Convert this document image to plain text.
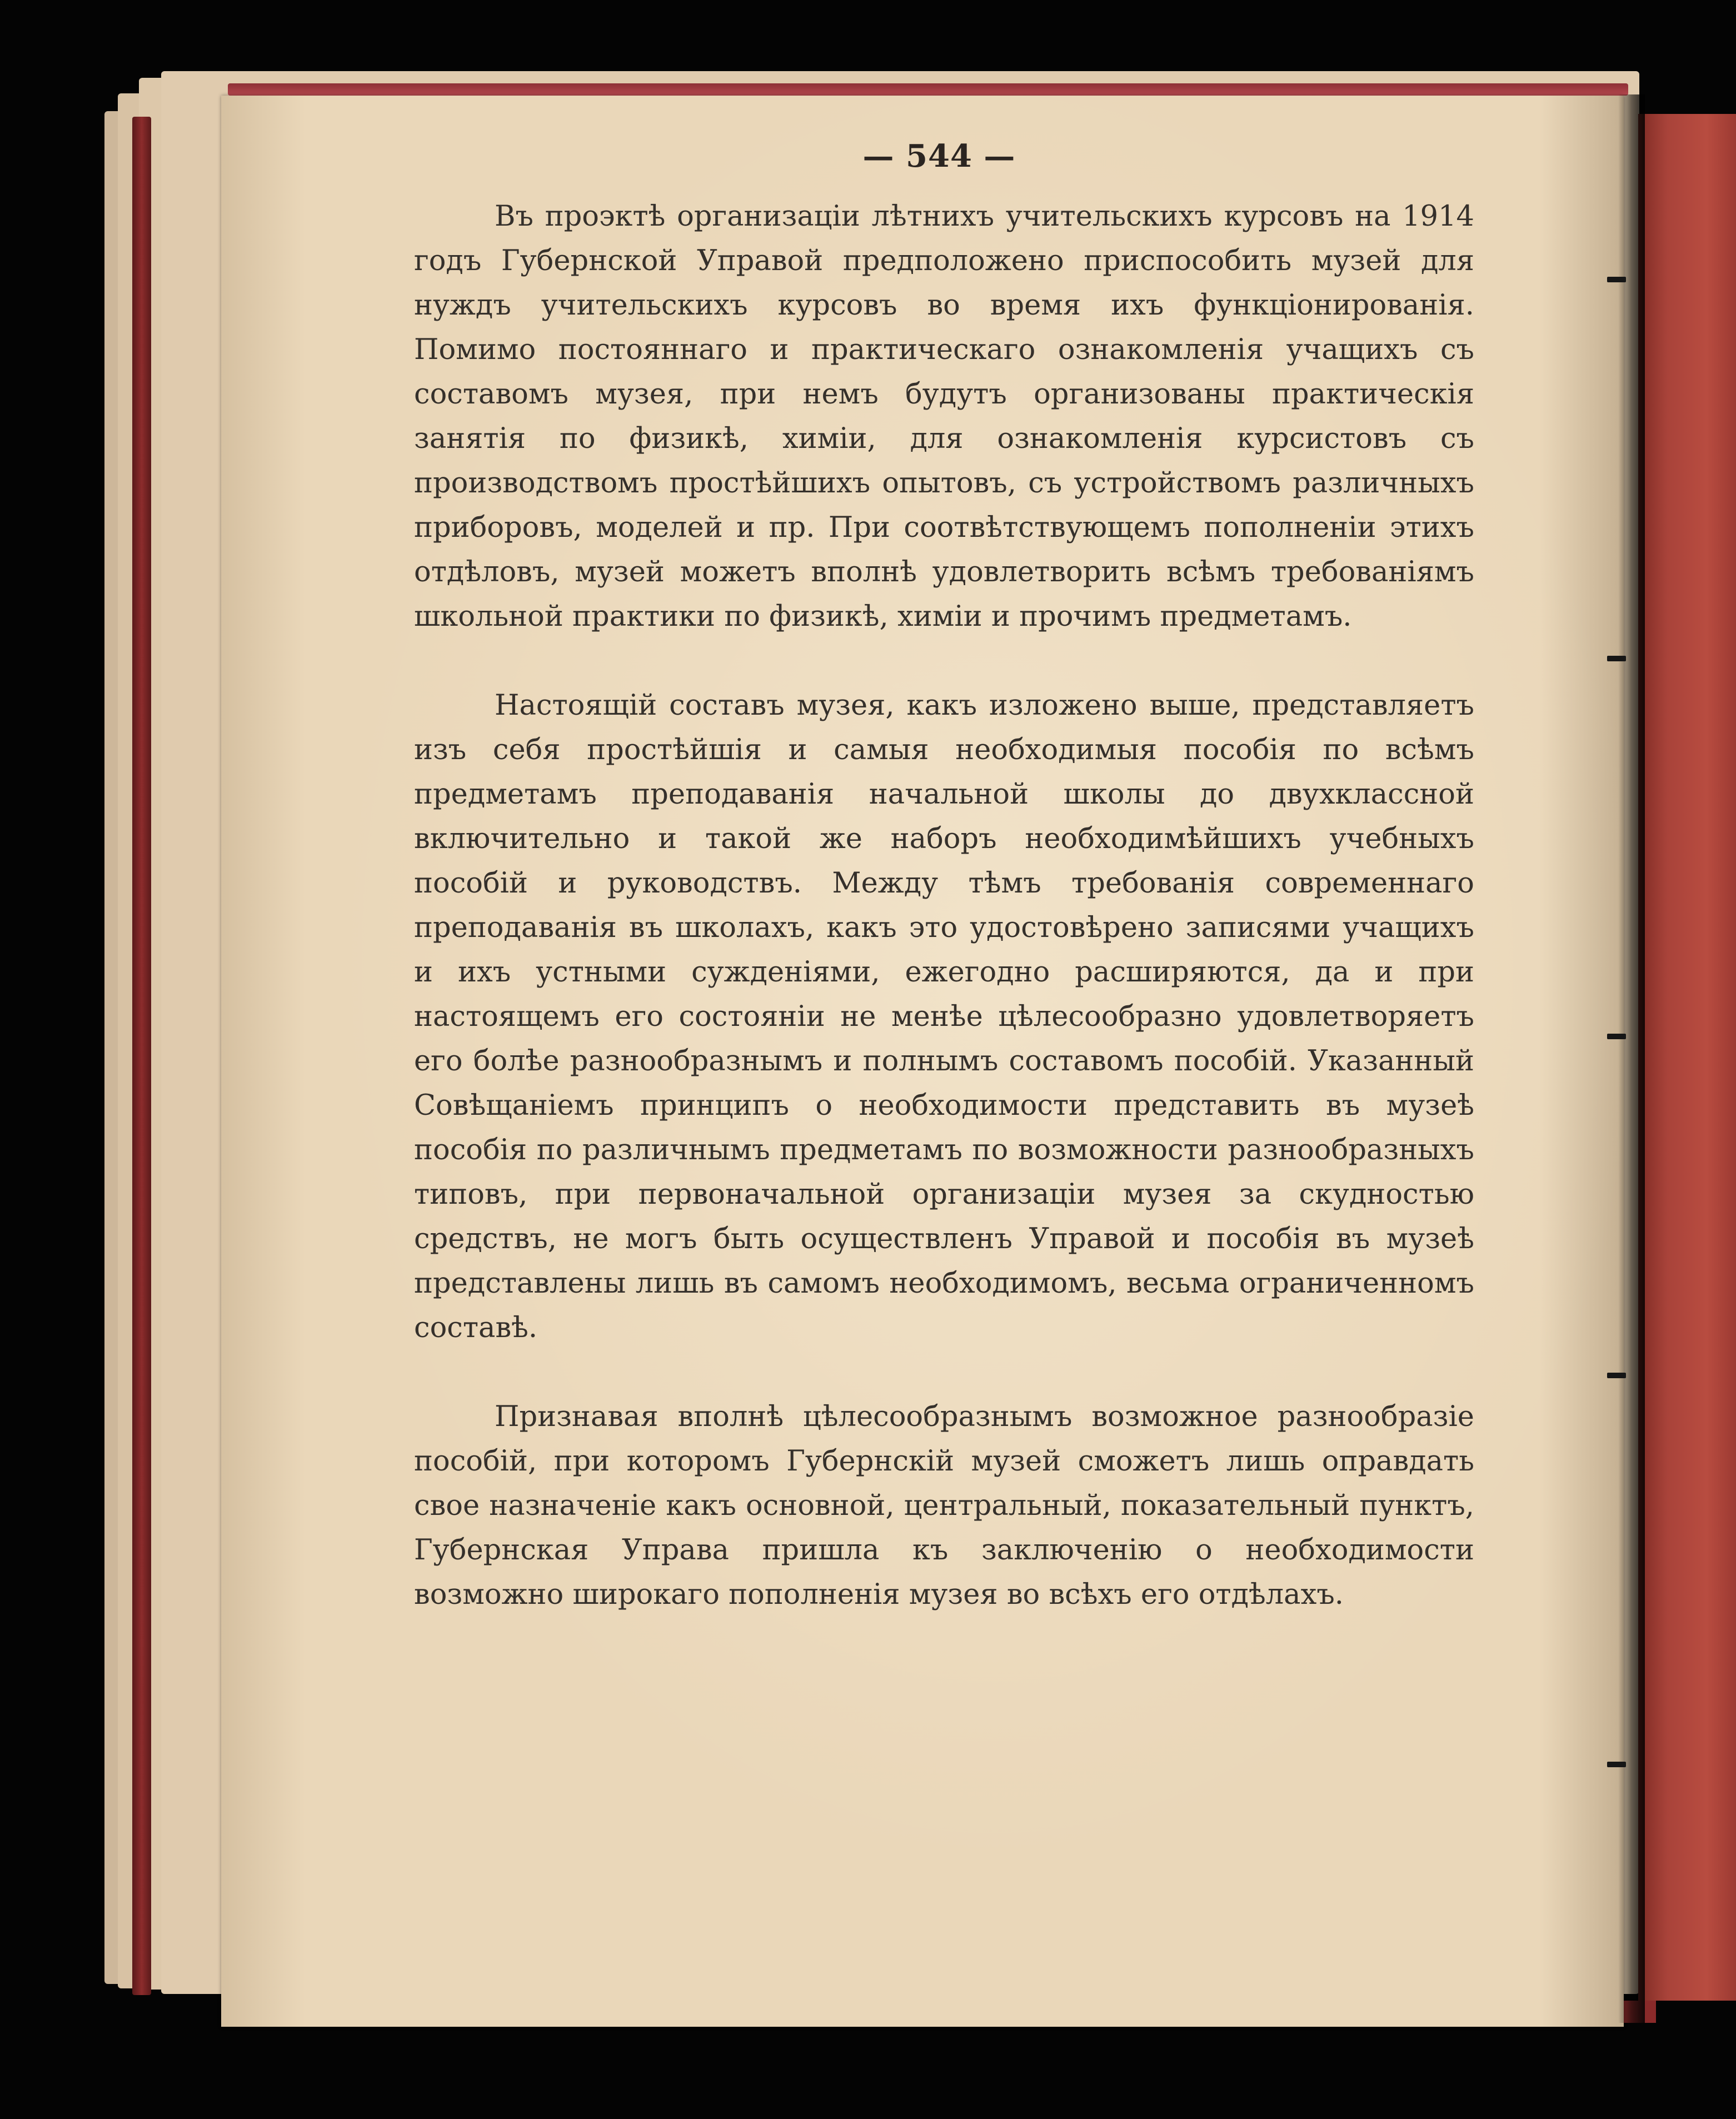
— 544 —

Въ проэктѣ организаціи лѣтнихъ учительскихъ курсовъ на 1914 годъ Губернской Управой предположено приспособить музей для нуждъ учительскихъ курсовъ во время ихъ функціонированія. Помимо постояннаго и практическаго ознакомленія учащихъ съ составомъ музея, при немъ будутъ организованы практическія занятія по физикѣ, химіи, для ознакомленія курсистовъ съ производствомъ простѣйшихъ опытовъ, съ устройствомъ различныхъ приборовъ, моделей и пр. При соотвѣтствующемъ пополненіи этихъ отдѣловъ, музей можетъ вполнѣ удовлетворить всѣмъ требованіямъ школьной практики по физикѣ, химіи и прочимъ предметамъ.

Настоящій составъ музея, какъ изложено выше, представляетъ изъ себя простѣйшія и самыя необходимыя пособія по всѣмъ предметамъ преподаванія начальной школы до двухклассной включительно и такой же наборъ необходимѣйшихъ учебныхъ пособій и руководствъ. Между тѣмъ требованія современнаго преподаванія въ школахъ, какъ это удостовѣрено записями учащихъ и ихъ устными сужденіями, ежегодно расширяются, да и при настоящемъ его состояніи не менѣе цѣлесообразно удовлетворяетъ его болѣе разнообразнымъ и полнымъ составомъ пособій. Указанный Совѣщаніемъ принципъ о необходимости представить въ музеѣ пособія по различнымъ предметамъ по возможности разнообразныхъ типовъ, при первоначальной организаціи музея за скудностью средствъ, не могъ быть осуществленъ Управой и пособія въ музеѣ представлены лишь въ самомъ необходимомъ, весьма ограниченномъ составѣ.

Признавая вполнѣ цѣлесообразнымъ возможное разнообразіе пособій, при которомъ Губернскій музей сможетъ лишь оправдать свое назначеніе какъ основной, центральный, показательный пунктъ, Губернская Управа пришла къ заключенію о необходимости возможно широкаго пополненія музея во всѣхъ его отдѣлахъ.
